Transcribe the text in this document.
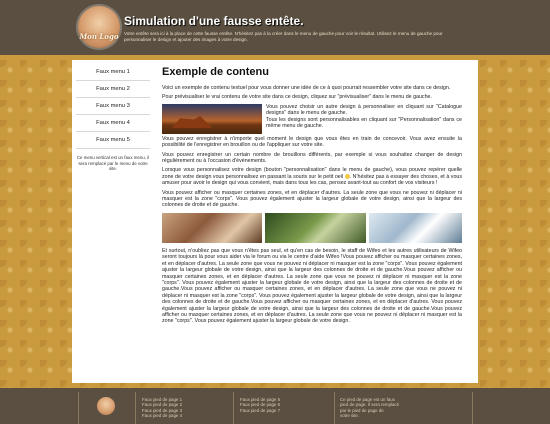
Mon Logo
Simulation d'une fausse entête.
Votre entête sera ici à la place de cette fausse entête. N'hésitez pas à la créer dans le menu de gauche pour voir le résultat. Utilisez le menu de gauche pour personnaliser le design et ajouter des images à votre design.
Faux menu 1
Faux menu 2
Faux menu 3
Faux menu 4
Faux menu 5
Ce menu vertical est un faux menu, il sera remplacé par le menu de votre site.
Exemple de contenu

Voici un exemple de contenu textuel pour vous donner une idée de ce à quoi pourrait ressembler votre site dans ce design.

Pour prévisualiser le vrai contenu de votre site dans ce design, cliquez sur "prévisualiser" dans le menu de gauche.

Vous pouvez choisir un autre design à personnaliser en cliquant sur "Catalogue designs" dans le menu de gauche.

Tous les designs sont personnalisables en cliquant sur "Personnalisation" dans ce même menu de gauche.

Vous pouvez enregistrer à n'importe quel moment le design que vous êtes en train de concevoir. Vous avez ensuite la possibilité de l'enregistrer en brouillon ou de l'appliquer sur votre site.

Vous pouvez enregistrer un certain nombre de brouillons différents, par exemple si vous souhaitez changer de design régulièrement ou à l'occasion d'évènements.

Lorsque vous personnalisez votre design (bouton "personnalisation" dans le menu de gauche), vous pouvez repérer quelle zone de votre design vous personnalisez en passant la souris sur le petit oeil . N'hésitez pas à essayer des choses, et à vous amuser pour avoir le design qui vous convient, mais dans tous les cas, pensez avant-tout au confort de vos visiteurs !

Vous pouvez afficher ou masquer certaines zones, et en déplacer d'autres. La seule zone que vous ne pouvez ni déplacer ni masquer est la zone "corps". Vous pouvez également ajuster la largeur globale de votre design, ainsi que la largeur des colonnes de droite et de gauche.

Et surtout, n'oubliez pas que vous n'êtes pas seul, et qu'en cas de besoin, le staff de Wifeo et les autres utilisateurs de Wifeo seront toujours là pour vous aider via le forum ou via le centre d'aide Wifeo !Vous pouvez afficher ou masquer certaines zones, et en déplacer d'autres. La seule zone que vous ne pouvez ni déplacer ni masquer est la zone "corps". Vous pouvez également ajuster la largeur globale de votre design, ainsi que la largeur des colonnes de droite et de gauche.Vous pouvez afficher ou masquer certaines zones, et en déplacer d'autres. La seule zone que vous ne pouvez ni déplacer ni masquer est la zone "corps". Vous pouvez également ajuster la largeur globale de votre design, ainsi que la largeur des colonnes de droite et de gauche.Vous pouvez afficher ou masquer certaines zones, et en déplacer d'autres. La seule zone que vous ne pouvez ni déplacer ni masquer est la zone "corps". Vous pouvez également ajuster la largeur globale de votre design, ainsi que la largeur des colonnes de droite et de gauche.Vous pouvez afficher ou masquer certaines zones, et en déplacer d'autres. Vous pouvez également ajuster la largeur globale de votre design, ainsi que la largeur des colonnes de droite et de gauche.Vous pouvez afficher ou masquer certaines zones, et en déplacer d'autres. La seule zone que vous ne pouvez ni déplacer ni masquer est la zone "corps". Vous pouvez également ajuster la largeur globale de votre design.

Faux pied de page 1
Faux pied de page 2
Faux pied de page 3
Faux pied de page 4
Faux pied de page 5
Faux pied de page 6
Faux pied de page 7
Ce pied de page est un faux
pied de page. Il sera remplacé
par le pied de page de
votre site.
